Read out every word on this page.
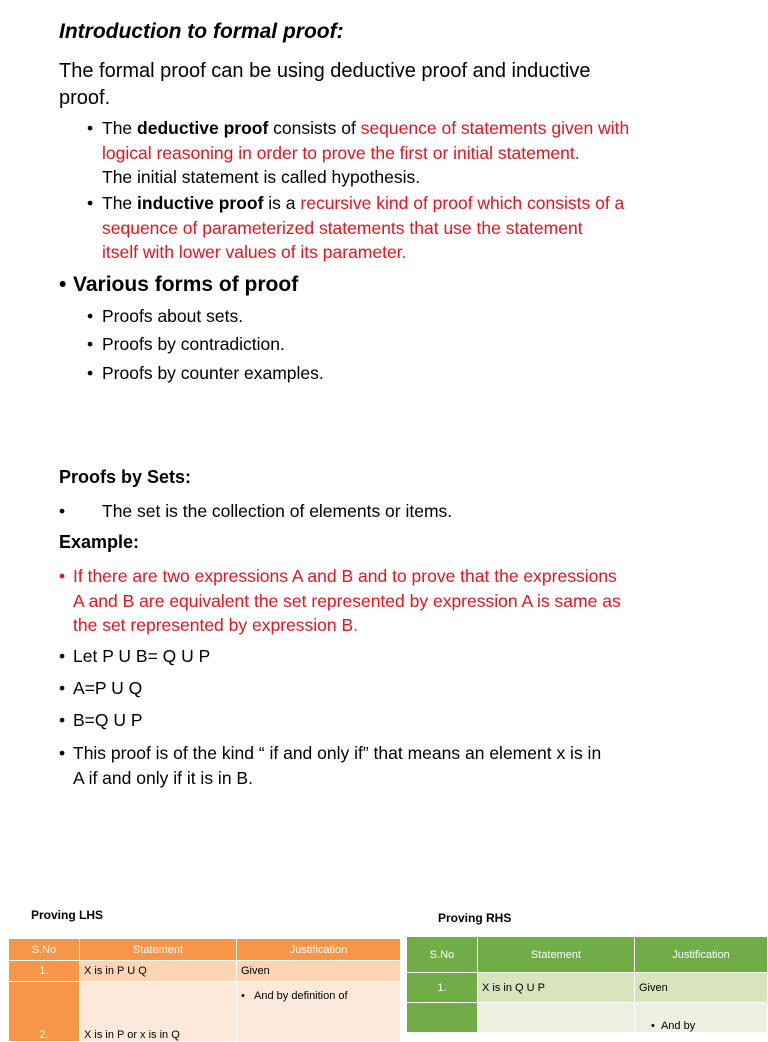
Introduction to formal proof:
The formal proof can be using deductive proof and inductive
proof.
• The deductive proof consists of sequence of statements given with
logical reasoning in order to prove the first or initial statement.
The initial statement is called hypothesis.
• The inductive proof is a recursive kind of proof which consists of a
sequence of parameterized statements that use the statement
itself with lower values of its parameter.
• Various forms of proof
• Proofs about sets.
• Proofs by contradiction.
• Proofs by counter examples.
Proofs by Sets:
• The set is the collection of elements or items.
Example:
• If there are two expressions A and B and to prove that the expressions
A and B are equivalent the set represented by expression A is same as
the set represented by expression B.
• Let P U B= Q U P
• A=P U Q
• B=Q U P
• This proof is of the kind “ if and only if” that means an element x is in
A if and only if it is in B.
Proving LHS	Proving RHS
S.No	Statement	Justification
1.	X is in P U Q	Given
2.	X is in P or x is in Q	•   And by definition of
S.No	Statement	Justification
1.	X is in Q U P	Given
		•  And by
